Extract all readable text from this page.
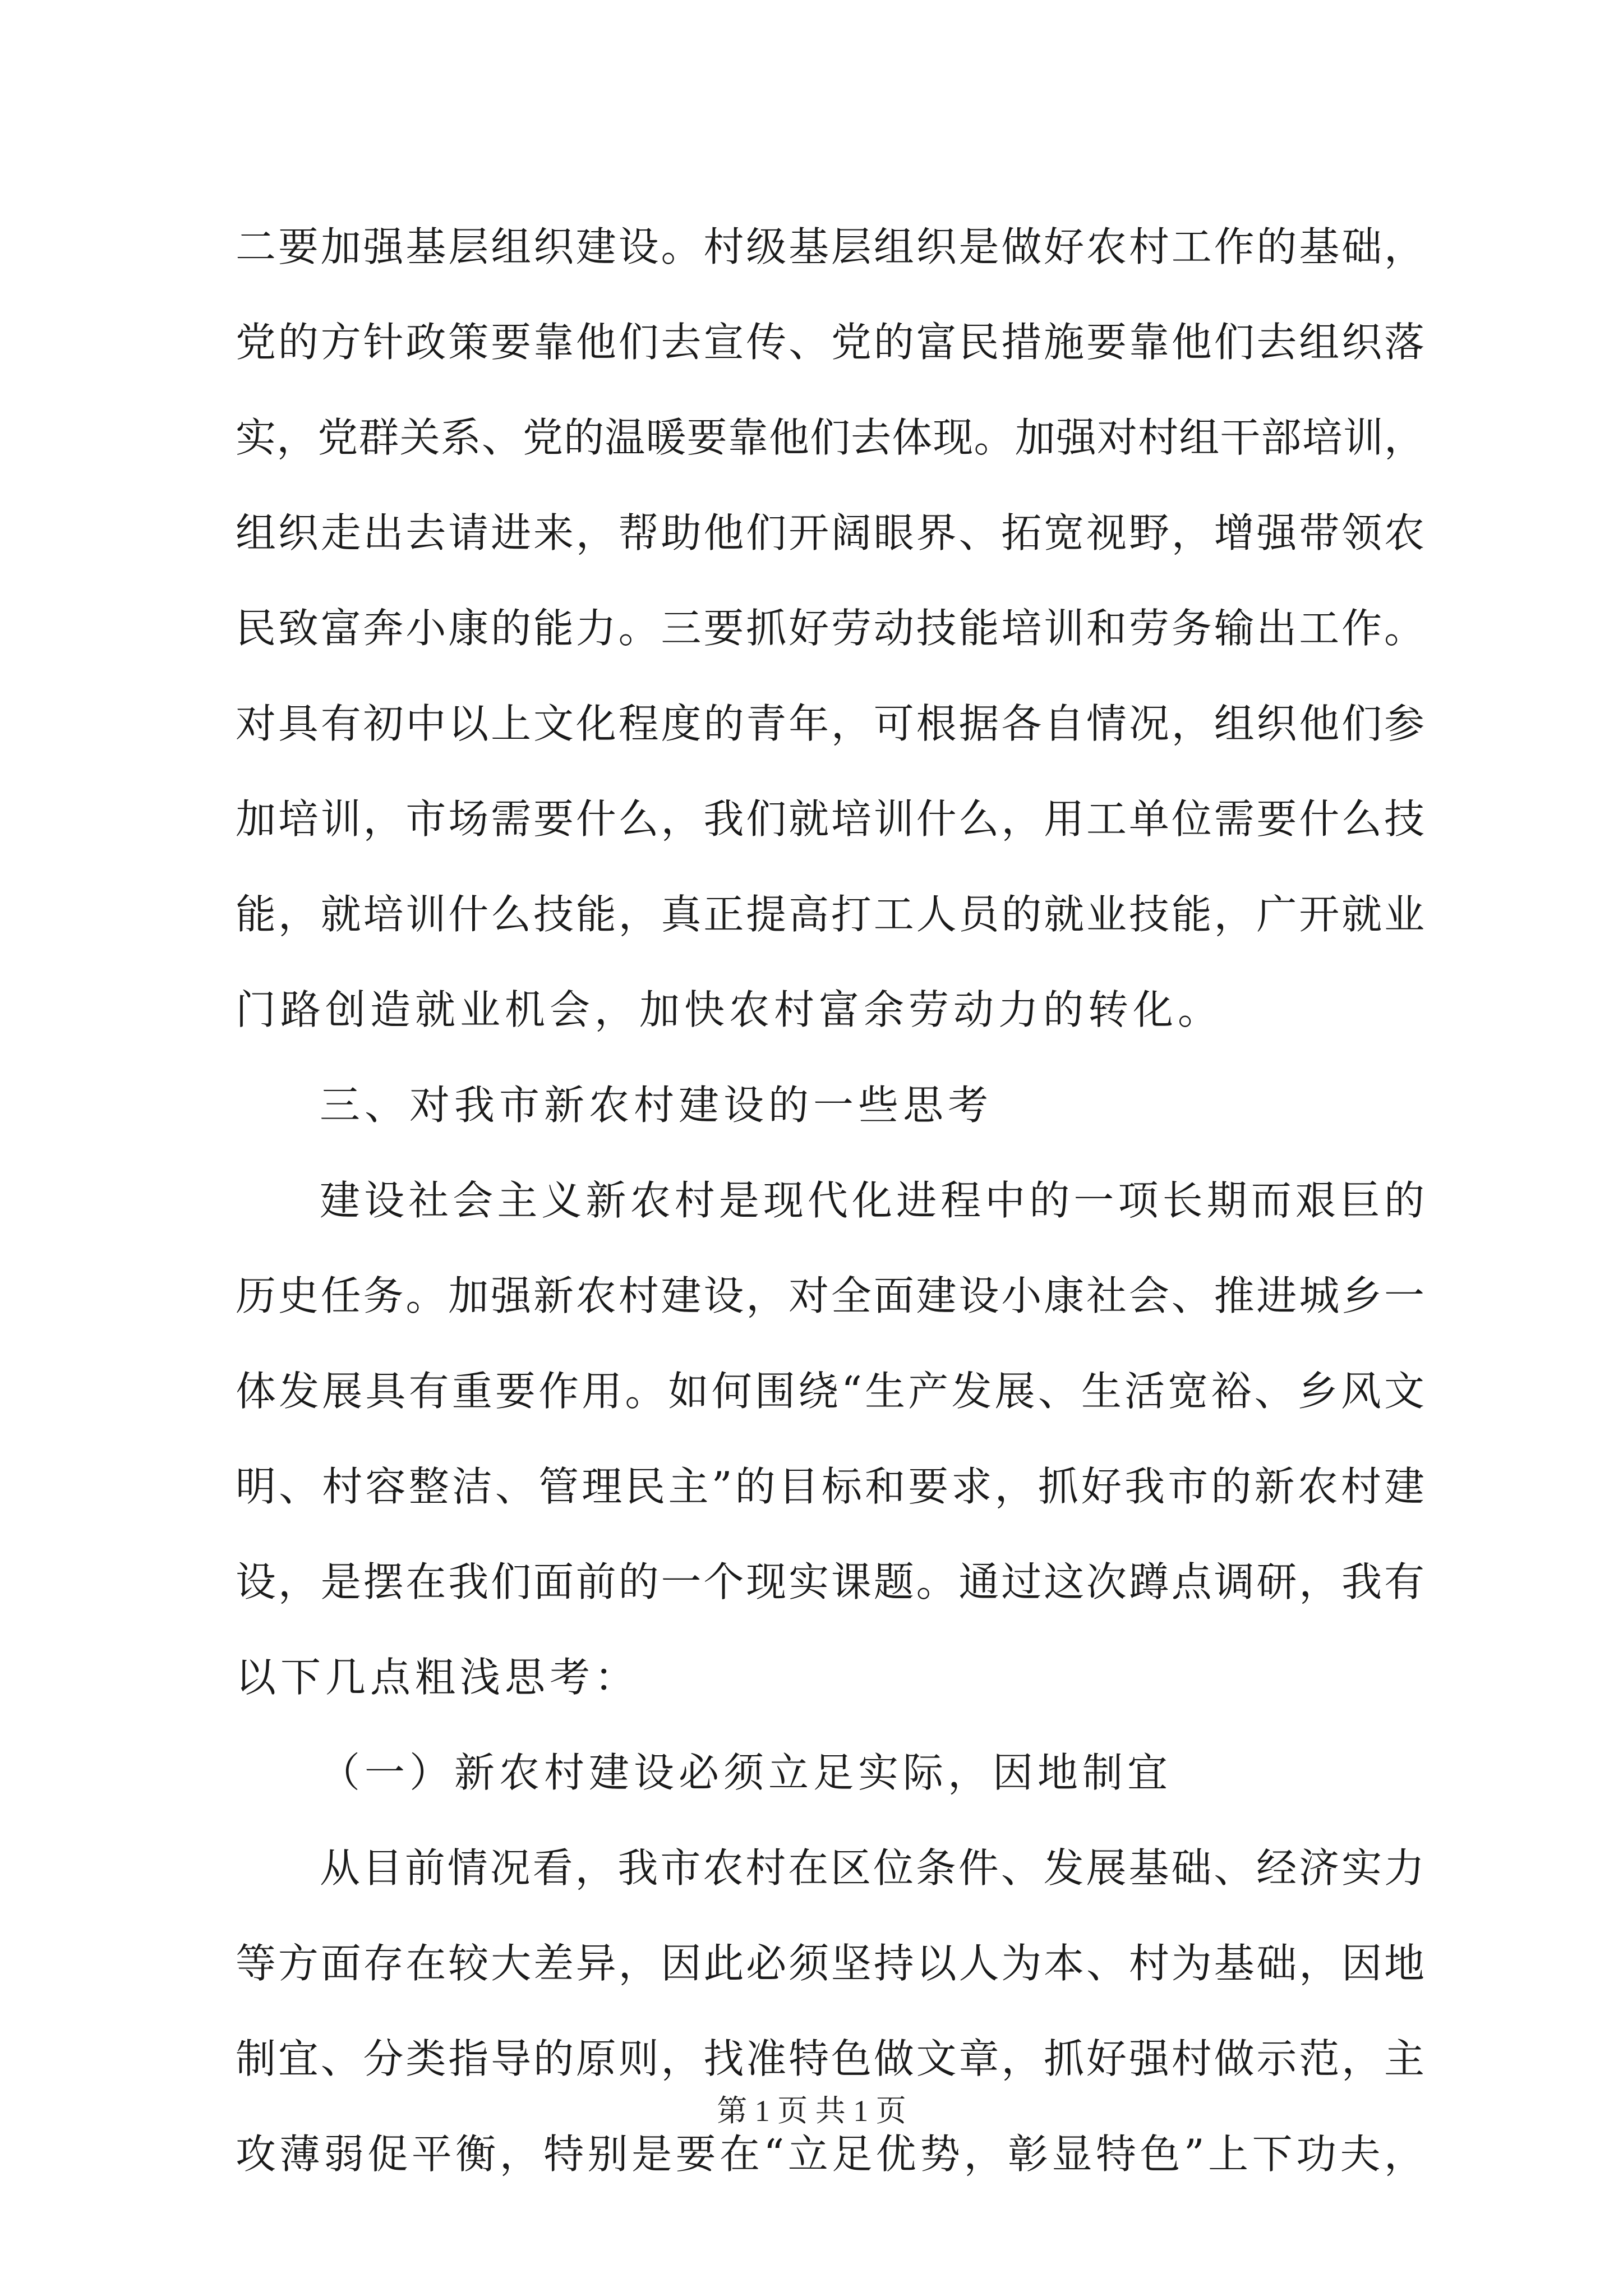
二要加强基层组织建设。村级基层组织是做好农村工作的基础，
党的方针政策要靠他们去宣传、党的富民措施要靠他们去组织落
实，党群关系、党的温暖要靠他们去体现。加强对村组干部培训，
组织走出去请进来，帮助他们开阔眼界、拓宽视野，增强带领农
民致富奔小康的能力。三要抓好劳动技能培训和劳务输出工作。
对具有初中以上文化程度的青年，可根据各自情况，组织他们参
加培训，市场需要什么，我们就培训什么，用工单位需要什么技
能，就培训什么技能，真正提高打工人员的就业技能，广开就业
门路创造就业机会，加快农村富余劳动力的转化。
三、对我市新农村建设的一些思考
建设社会主义新农村是现代化进程中的一项长期而艰巨的
历史任务。加强新农村建设，对全面建设小康社会、推进城乡一
体发展具有重要作用。如何围绕“生产发展、生活宽裕、乡风文
明、村容整洁、管理民主”的目标和要求，抓好我市的新农村建
设，是摆在我们面前的一个现实课题。通过这次蹲点调研，我有
以下几点粗浅思考：
（一）新农村建设必须立足实际，因地制宜
从目前情况看，我市农村在区位条件、发展基础、经济实力
等方面存在较大差异，因此必须坚持以人为本、村为基础，因地
制宜、分类指导的原则，找准特色做文章，抓好强村做示范，主
攻薄弱促平衡，特别是要在“立足优势，彰显特色”上下功夫，
第 1 页 共 1 页
